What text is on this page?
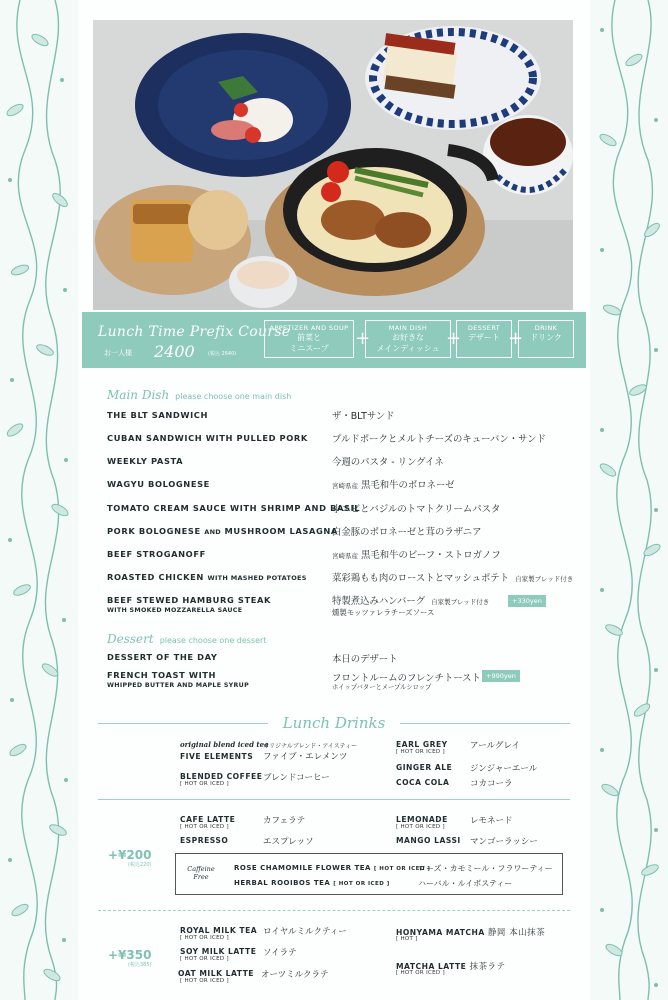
Lunch Time Prefix Course
お一人様 2400	(税込 2640)
APPETIZER AND SOUP
前菜と
ミニスープ	+	MAIN DISH
お好きな
メインディッシュ +	DESSERT
デザート +	DRINK
ドリンク
Main Dish please choose one main dish
THE BLT SANDWICH	ザ・BLTサンド
CUBAN SANDWICH WITH PULLED PORK	プルドポークとメルトチーズのキューバン・サンド
WEEKLY PASTA	今週のパスタ - リングイネ
WAGYU BOLOGNESE	宮崎県産 黒毛和牛のボロネーゼ
TOMATO CREAM SAUCE WITH SHRIMP AND BASIL
小エビとバジルのトマトクリームパスタ
PORK BOLOGNESE AND MUSHROOM LASAGNA
白金豚のボロネーゼと茸のラザニア
BEEF STROGANOFF	宮崎県産 黒毛和牛のビーフ・ストロガノフ
ROASTED CHICKEN WITH MASHED POTATOES	菜彩鶏もも肉のローストとマッシュポテト 自家製ブレッド付き
BEEF STEWED HAMBURG STEAK
WITH SMOKED MOZZARELLA SAUCE
特製煮込みハンバーグ 自家製ブレッド付き
燻製モッツァレラチーズソース
+330yen
Dessert please choose one dessert
DESSERT OF THE DAY	本日のデザート
FRENCH TOAST WITH
WHIPPED BUTTER AND MAPLE SYRUP
フロントルームのフレンチトースト
ホイップバターとメープルシロップ
+990yen
Lunch Drinks
original blend iced tea
オリジナルブレンド・アイスティー
FIVE ELEMENTS ファイブ・エレメンツ
BLENDED COFFEE
[ HOT OR ICED ]
ブレンドコーヒー
EARL GREY
[ HOT OR ICED ]
アールグレイ
GINGER ALE ジンジャーエール
COCA COLA コカコーラ
+¥200
(税込220)
CAFE LATTE
[ HOT OR ICED ]
カフェラテ
ESPRESSO	エスプレッソ
LEMONADE
[ HOT OR ICED ]
レモネード
MANGO LASSI マンゴーラッシー
Caffeine Free
ROSE CHAMOMILE FLOWER TEA [ HOT OR ICED ]
ローズ・カモミール・フラワーティー
HERBAL ROOIBOS TEA [ HOT OR ICED ]	ハーバル・ルイボスティー
+¥350
(税込385)
ROYAL MILK TEA
[ HOT OR ICED ]
ロイヤルミルクティー
SOY MILK LATTE
[ HOT OR ICED ]
ソイラテ
OAT MILK LATTE
[ HOT OR ICED ]
オーツミルクラテ
HONYAMA MATCHA 静岡 本山抹茶
[ HOT ]
MATCHA LATTE 抹茶ラテ
[ HOT OR ICED ]
